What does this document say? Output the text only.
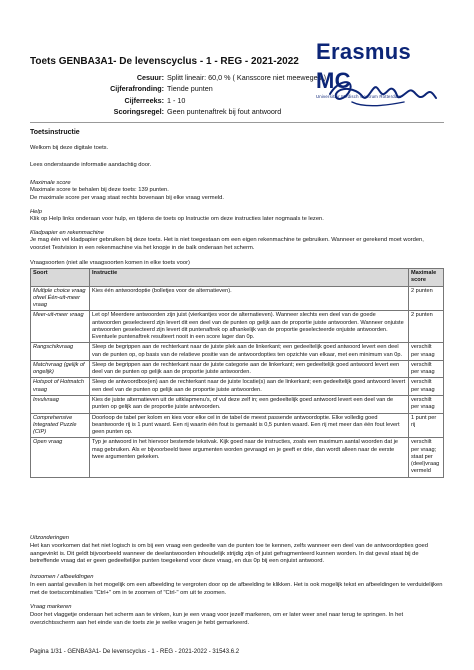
Toets GENBA3A1- De levenscyclus - 1 - REG - 2021-2022
Cesuur: Splitt lineair: 60,0 % ( Kansscore niet meewegen )
Cijferafronding: Tiende punten
Cijferreeks: 1 - 10
Scoringsregel: Geen puntenaftrek bij fout antwoord
Erasmus MC
Universitair Medisch Centrum Rotterdam
Toetsinstructie
Welkom bij deze digitale toets.
Lees onderstaande informatie aandachtig door.
Maximale score
Maximale score te behalen bij deze toets: 139 punten.
De maximale score per vraag staat rechts bovenaan bij elke vraag vermeld.
Help
Klik op Help links onderaan voor hulp, en tijdens de toets op Instructie om deze instructies later nogmaals te lezen.
Kladpapier en rekenmachine
Je mag één vel kladpapier gebruiken bij deze toets. Het is niet toegestaan om een eigen rekenmachine te gebruiken. Wanneer er gerekend moet worden, voorziet Testvision in een rekenmachine via het knopje in de balk onderaan het scherm.
Vraagsoorten (niet alle vraagsoorten komen in elke toets voor)
Soort	Instructie	Maximale score
Multiple choice vraag ofwel Één-uit-meer vraag	Kies één antwoordoptie (bolletjes voor de alternatieven).	2 punten
Meer-uit-meer vraag	Let op! Meerdere antwoorden zijn juist (vierkantjes voor de alternatieven). Wanneer slechts een deel van de goede antwoorden geselecteerd zijn levert dit een deel van de punten op gelijk aan de proportie juiste antwoorden. Wanneer onjuiste antwoorden geselecteerd zijn levert dit puntenaftrek op afhankelijk van de proportie geselecteerde onjuiste antwoorden. Eventuele puntenaftrek resulteert nooit in een score lager dan 0p.	2 punten
Rangschikvraag	Sleep de begrippen aan de rechterkant naar de juiste plek aan de linkerkant; een gedeeltelijk goed antwoord levert een deel van de punten op, op basis van de relatieve positie van de antwoordopties ten opzichte van elkaar, met een minimum van 0p.	verschilt per vraag
Matchvraag (gelijk of ongelijk)	Sleep de begrippen aan de rechterkant naar de juiste categorie aan de linkerkant; een gedeeltelijk goed antwoord levert een deel van de punten op gelijk aan de proportie juiste antwoorden.	verschilt per vraag
Hotspot of Hotmatch vraag	Sleep de antwoordbox(en) aan de rechterkant naar de juiste locatie(s) aan de linkerkant; een gedeeltelijk goed antwoord levert een deel van de punten op gelijk aan de proportie juiste antwoorden.	verschilt per vraag
Invulvraag	Kies de juiste alternatieven uit de uitklapmenu's, of vul deze zelf in; een gedeeltelijk goed antwoord levert een deel van de punten op gelijk aan de proportie juiste antwoorden.	verschilt per vraag
Comprehensive Integrated Puzzle (CIP)	Doorloop de tabel per kolom en kies voor elke cel in de tabel de meest passende antwoordoptie. Elke volledig goed beantwoorde rij is 1 punt waard. Een rij waarin één fout is gemaakt is 0,5 punten waard. Een rij met meer dan één fout levert geen punten op.	1 punt per rij
Open vraag	Typ je antwoord in het hiervoor bestemde tekstvak. Kijk goed naar de instructies, zoals een maximum aantal woorden dat je mag gebruiken. Als er bijvoorbeeld twee argumenten worden gevraagd en je geeft er drie, dan wordt alleen naar de eerste twee argumenten gekeken.	verschilt per vraag; staat per (deel)vraag vermeld
Uitzonderingen
Het kan voorkomen dat het niet logisch is om bij een vraag een gedeelte van de punten toe te kennen, zelfs wanneer een deel van de antwoordopties goed aangevinkt is. Dit geldt bijvoorbeeld wanneer de deelantwoorden inhoudelijk strijdig zijn of juist gefragmenteerd kunnen worden. In dat geval staat bij de betreffende vraag dat er geen gedeeltelijke punten toegekend voor deze vraag, en dus 0p bij een onjuist antwoord.
Inzoomen / afbeeldingen
In een aantal gevallen is het mogelijk om een afbeelding te vergroten door op de afbeelding te klikken. Het is ook mogelijk tekst en afbeeldingen te verduidelijken met de toetscombinaties "Ctrl+" om in te zoomen of "Ctrl-" om uit te zoomen.
Vraag markeren
Door het vlaggetje onderaan het scherm aan te vinken, kun je een vraag voor jezelf markeren, om er later weer snel naar terug te springen. In het overzichtsscherm aan het einde van de toets zie je welke vragen je hebt gemarkeerd.
Pagina 1/31 - GENBA3A1- De levenscyclus - 1 - REG - 2021-2022 - 31543.6.2
